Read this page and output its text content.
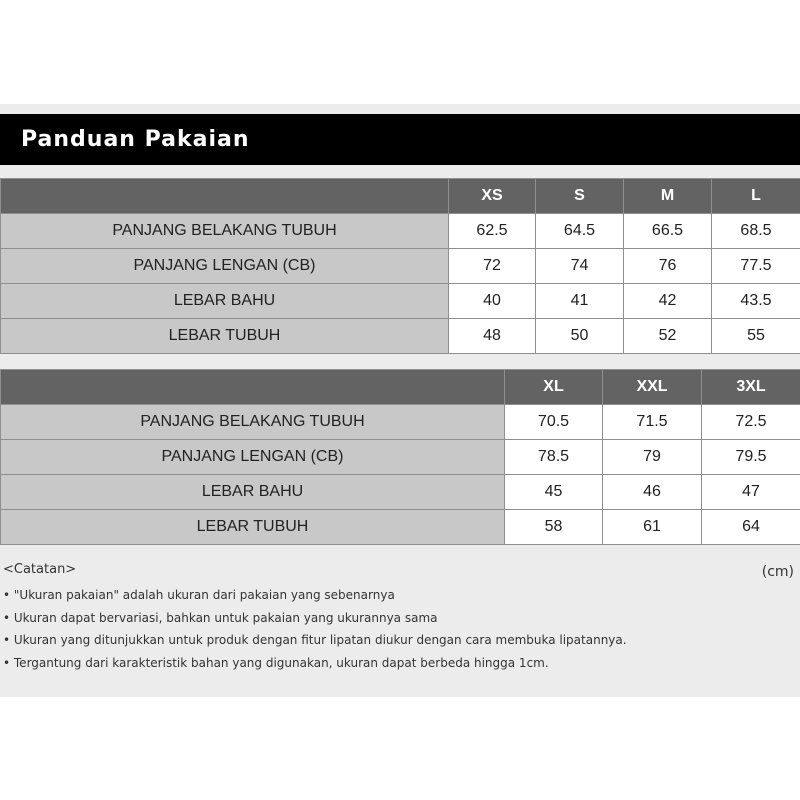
Panduan Pakaian
	XS	S	M	L
PANJANG BELAKANG TUBUH	62.5	64.5	66.5	68.5
PANJANG LENGAN (CB)	72	74	76	77.5
LEBAR BAHU	40	41	42	43.5
LEBAR TUBUH	48	50	52	55
	XL	XXL	3XL
PANJANG BELAKANG TUBUH	70.5	71.5	72.5
PANJANG LENGAN (CB)	78.5	79	79.5
LEBAR BAHU	45	46	47
LEBAR TUBUH	58	61	64
<Catatan>	(cm)
• "Ukuran pakaian" adalah ukuran dari pakaian yang sebenarnya
• Ukuran dapat bervariasi, bahkan untuk pakaian yang ukurannya sama
• Ukuran yang ditunjukkan untuk produk dengan fitur lipatan diukur dengan cara membuka lipatannya.
• Tergantung dari karakteristik bahan yang digunakan, ukuran dapat berbeda hingga 1cm.
